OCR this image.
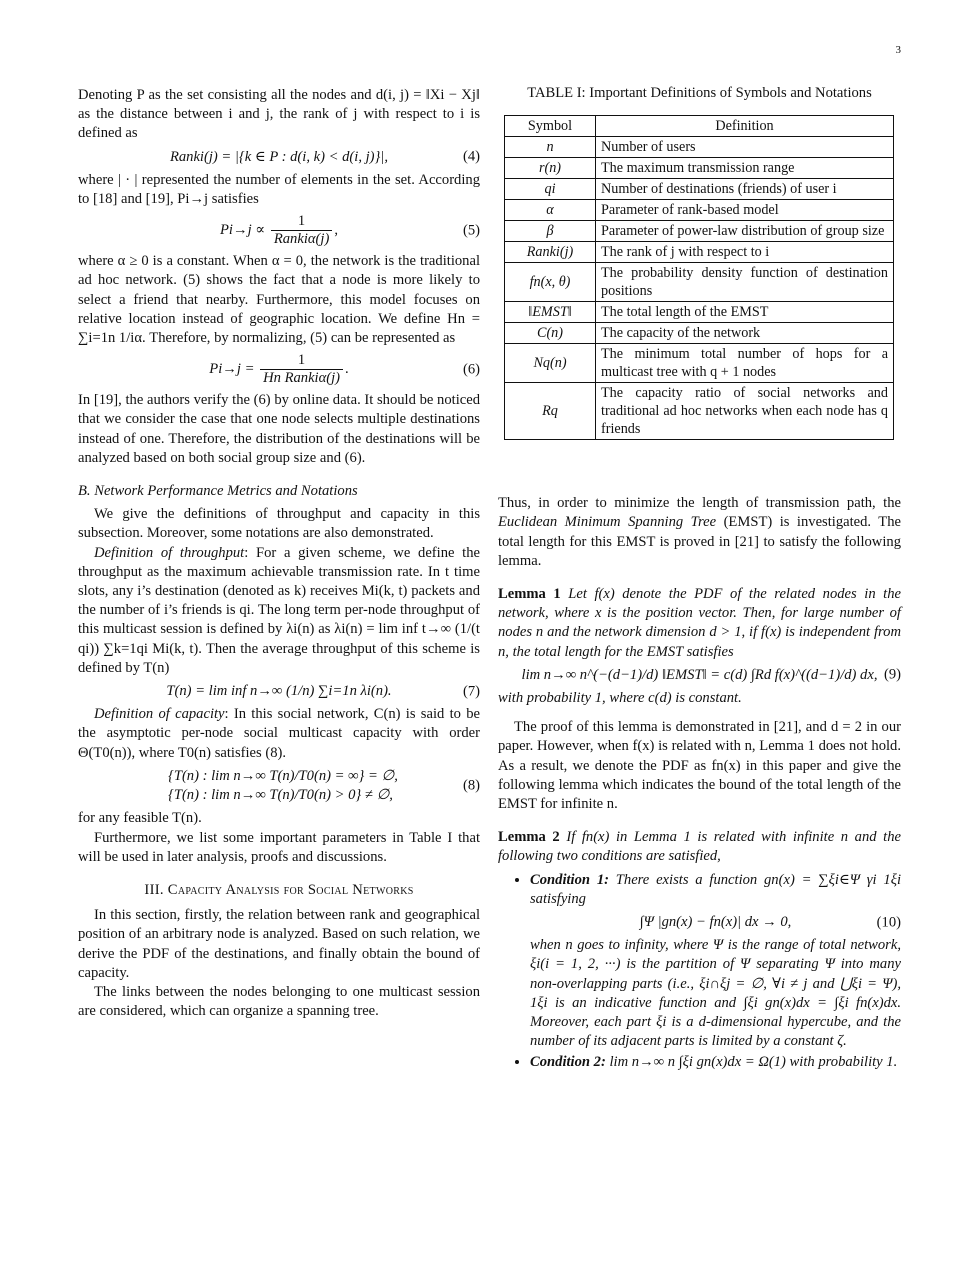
3

Denoting P as the set consisting all the nodes and d(i, j) = ‖Xi − Xj‖ as the distance between i and j, the rank of j with respect to i is defined as

Ranki(j) = |{k ∈ P : d(i, k) < d(i, j)}|,	(4)

where | · | represented the number of elements in the set. According to [18] and [19], Pi→j satisfies

$Pi\to j \propto \frac{1}{\text{Rankiα(j)}}$ ,	(5)

where α ≥ 0 is a constant. When α = 0, the network is the traditional ad hoc network. (5) shows the fact that a node is more likely to select a friend that nearby. Furthermore, this model focuses on relative location instead of geographic location. We define Hn = ∑i=1n 1/iα. Therefore, by normalizing, (5) can be represented as

$Pi\to j = \frac{1}{\text{Hn Rankiα(j)}}$ .	(6)

In [19], the authors verify the (6) by online data. It should be noticed that we consider the case that one node selects multiple destinations instead of one. Therefore, the distribution of the destinations will be analyzed based on both social group size and (6).

B. Network Performance Metrics and Notations

We give the definitions of throughput and capacity in this subsection. Moreover, some notations are also demonstrated.

Definition of throughput: For a given scheme, we define the throughput as the maximum achievable transmission rate. In t time slots, any i’s destination (denoted as k) receives Mi(k, t) packets and the number of i’s friends is qi. The long term per-node throughput of this multicast session is defined by λi(n) as λi(n) = lim inf t→∞ (1/(t qi)) ∑k=1qi Mi(k, t). Then the average throughput of this scheme is defined by T(n)

T(n) = lim inf n→∞ (1/n) ∑i=1n λi(n).	(7)

Definition of capacity: In this social network, C(n) is said to be the asymptotic per-node social multicast capacity with order Θ(T0(n)), where T0(n) satisfies (8).

{T(n) : lim n→∞ T(n)/T0(n) = ∞} = ∅,
{T(n) : lim n→∞ T(n)/T0(n) > 0} ≠ ∅,
(8)

for any feasible T(n).

Furthermore, we list some important parameters in Table I that will be used in later analysis, proofs and discussions.

III. Capacity Analysis for Social Networks

In this section, firstly, the relation between rank and geographical position of an arbitrary node is analyzed. Based on such relation, we derive the PDF of the destinations, and finally obtain the bound of capacity.

The links between the nodes belonging to one multicast session are considered, which can organize a spanning tree.

TABLE I: Important Definitions of Symbols and Notations
Symbol	Definition
n	Number of users
r(n)	The maximum transmission range
qi	Number of destinations (friends) of user i
α	Parameter of rank-based model
β	Parameter of power-law distribution of group size
Ranki(j)	The rank of j with respect to i
fn(x, θ)	The probability density function of destination positions
‖EMST‖	The total length of the EMST
C(n)	The capacity of the network
Nq(n)	The minimum total number of hops for a multicast tree with q + 1 nodes
Rq	The capacity ratio of social networks and traditional ad hoc networks when each node has q friends

Thus, in order to minimize the length of transmission path, the Euclidean Minimum Spanning Tree (EMST) is investigated. The total length for this EMST is proved in [21] to satisfy the following lemma.

Lemma 1 Let f(x) denote the PDF of the related nodes in the network, where x is the position vector. Then, for large number of nodes n and the network dimension d > 1, if f(x) is independent from n, the total length for the EMST satisfies

lim n→∞ n^(−(d−1)/d) ‖EMST‖ = c(d) ∫Rd f(x)^((d−1)/d) dx, (9)

with probability 1, where c(d) is constant.

The proof of this lemma is demonstrated in [21], and d = 2 in our paper. However, when f(x) is related with n, Lemma 1 does not hold. As a result, we denote the PDF as fn(x) in this paper and give the following lemma which indicates the bound of the total length of the EMST for infinite n.

Lemma 2 If fn(x) in Lemma 1 is related with infinite n and the following two conditions are satisfied,

• Condition 1: There exists a function gn(x) = ∑ξi∈Ψ γi 1ξi satisfying
∫Ψ |gn(x) − fn(x)| dx → 0,	(10)
when n goes to infinity, where Ψ is the range of total network, ξi(i = 1, 2, ···) is the partition of Ψ separating Ψ into many non-overlapping parts (i.e., ξi∩ξj = ∅, ∀i ≠ j and ⋃ξi = Ψ), 1ξi is an indicative function and ∫ξi gn(x)dx = ∫ξi fn(x)dx. Moreover, each part ξi is a d-dimensional hypercube, and the number of its adjacent parts is limited by a constant ζ.
• Condition 2: lim n→∞ n ∫ξi gn(x)dx = Ω(1) with probability 1.
